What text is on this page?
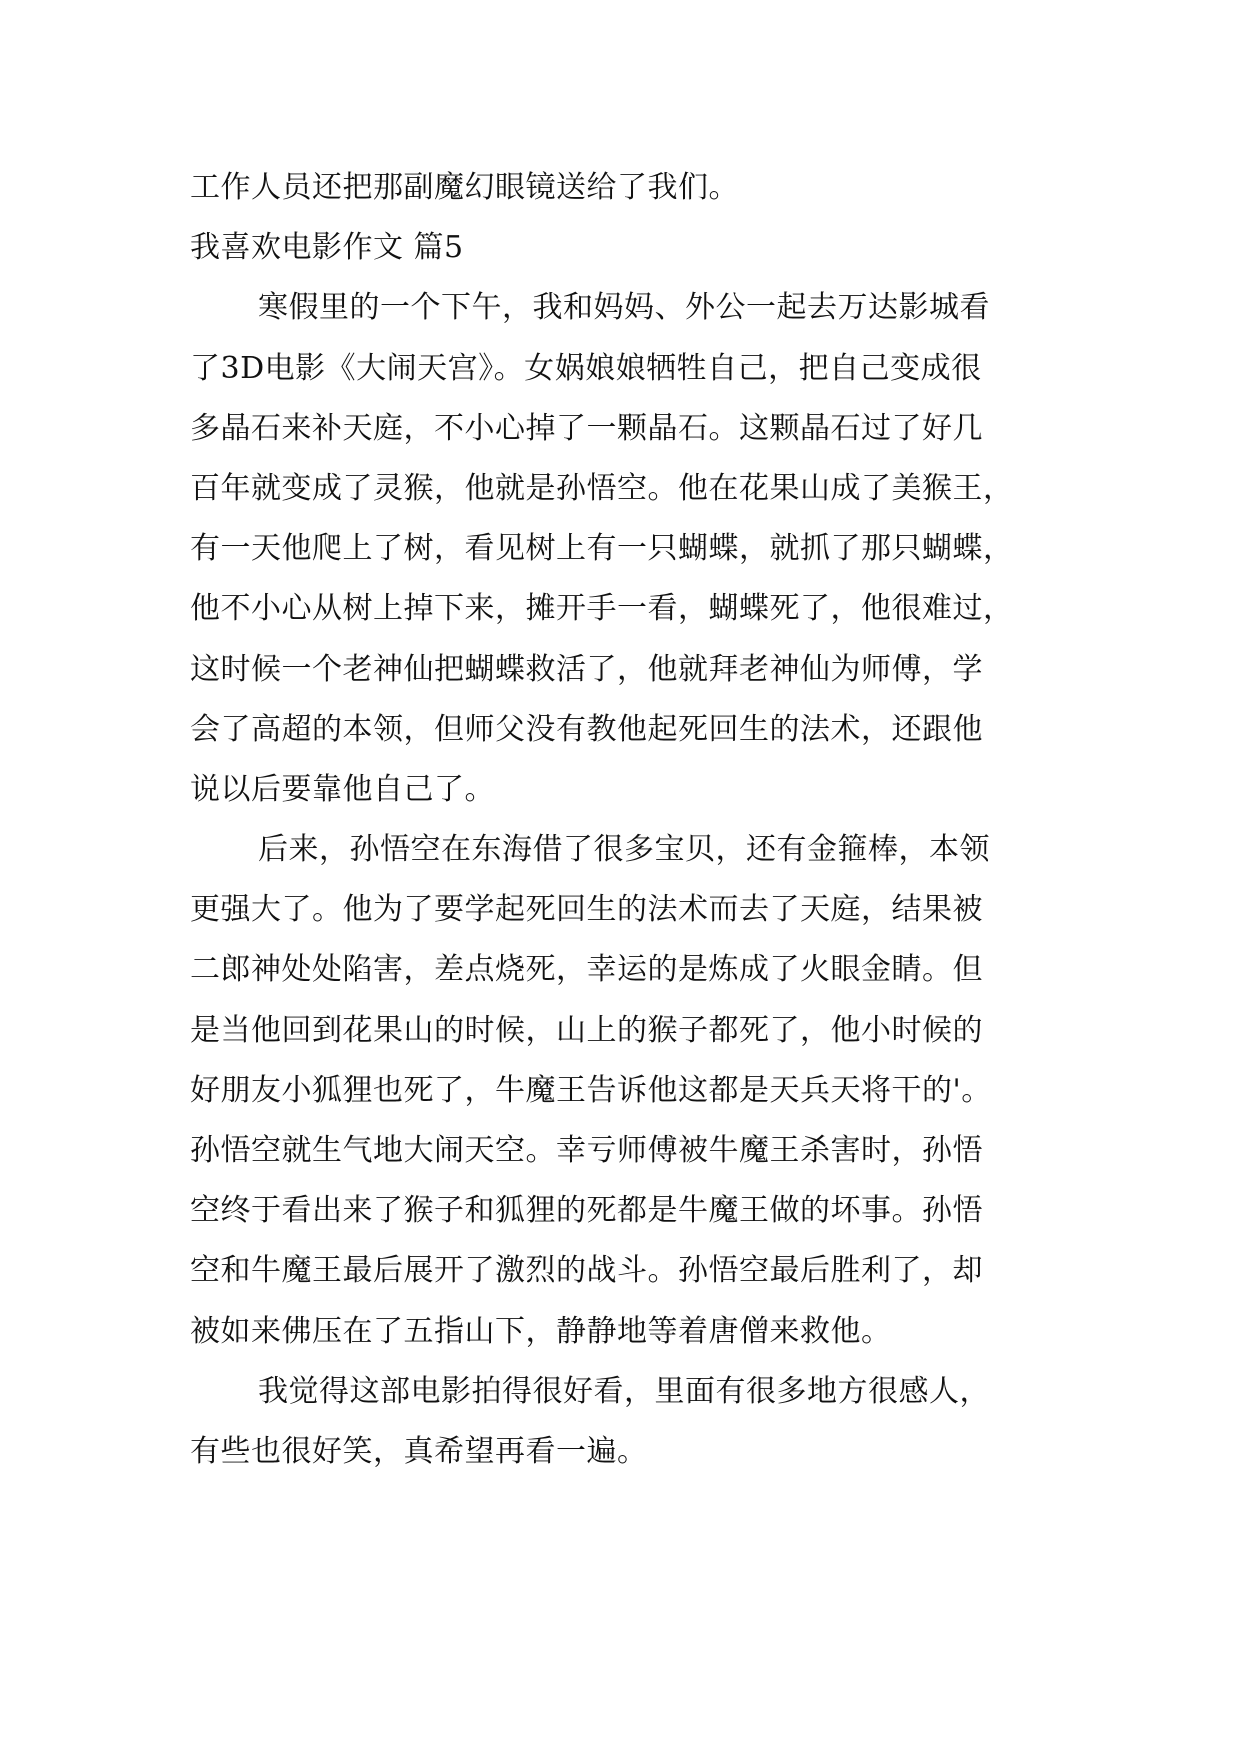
工作人员还把那副魔幻眼镜送给了我们。
我喜欢电影作文 篇5
寒假里的一个下午，我和妈妈、外公一起去万达影城看
了3D电影《大闹天宫》。女娲娘娘牺牲自己，把自己变成很
多晶石来补天庭，不小心掉了一颗晶石。这颗晶石过了好几
百年就变成了灵猴，他就是孙悟空。他在花果山成了美猴王，
有一天他爬上了树，看见树上有一只蝴蝶，就抓了那只蝴蝶，
他不小心从树上掉下来，摊开手一看，蝴蝶死了，他很难过，
这时候一个老神仙把蝴蝶救活了，他就拜老神仙为师傅，学
会了高超的本领，但师父没有教他起死回生的法术，还跟他
说以后要靠他自己了。
后来，孙悟空在东海借了很多宝贝，还有金箍棒，本领
更强大了。他为了要学起死回生的法术而去了天庭，结果被
二郎神处处陷害，差点烧死，幸运的是炼成了火眼金睛。但
是当他回到花果山的时候，山上的猴子都死了，他小时候的
好朋友小狐狸也死了，牛魔王告诉他这都是天兵天将干的'。
孙悟空就生气地大闹天空。幸亏师傅被牛魔王杀害时，孙悟
空终于看出来了猴子和狐狸的死都是牛魔王做的坏事。孙悟
空和牛魔王最后展开了激烈的战斗。孙悟空最后胜利了，却
被如来佛压在了五指山下，静静地等着唐僧来救他。
我觉得这部电影拍得很好看，里面有很多地方很感人，
有些也很好笑，真希望再看一遍。
